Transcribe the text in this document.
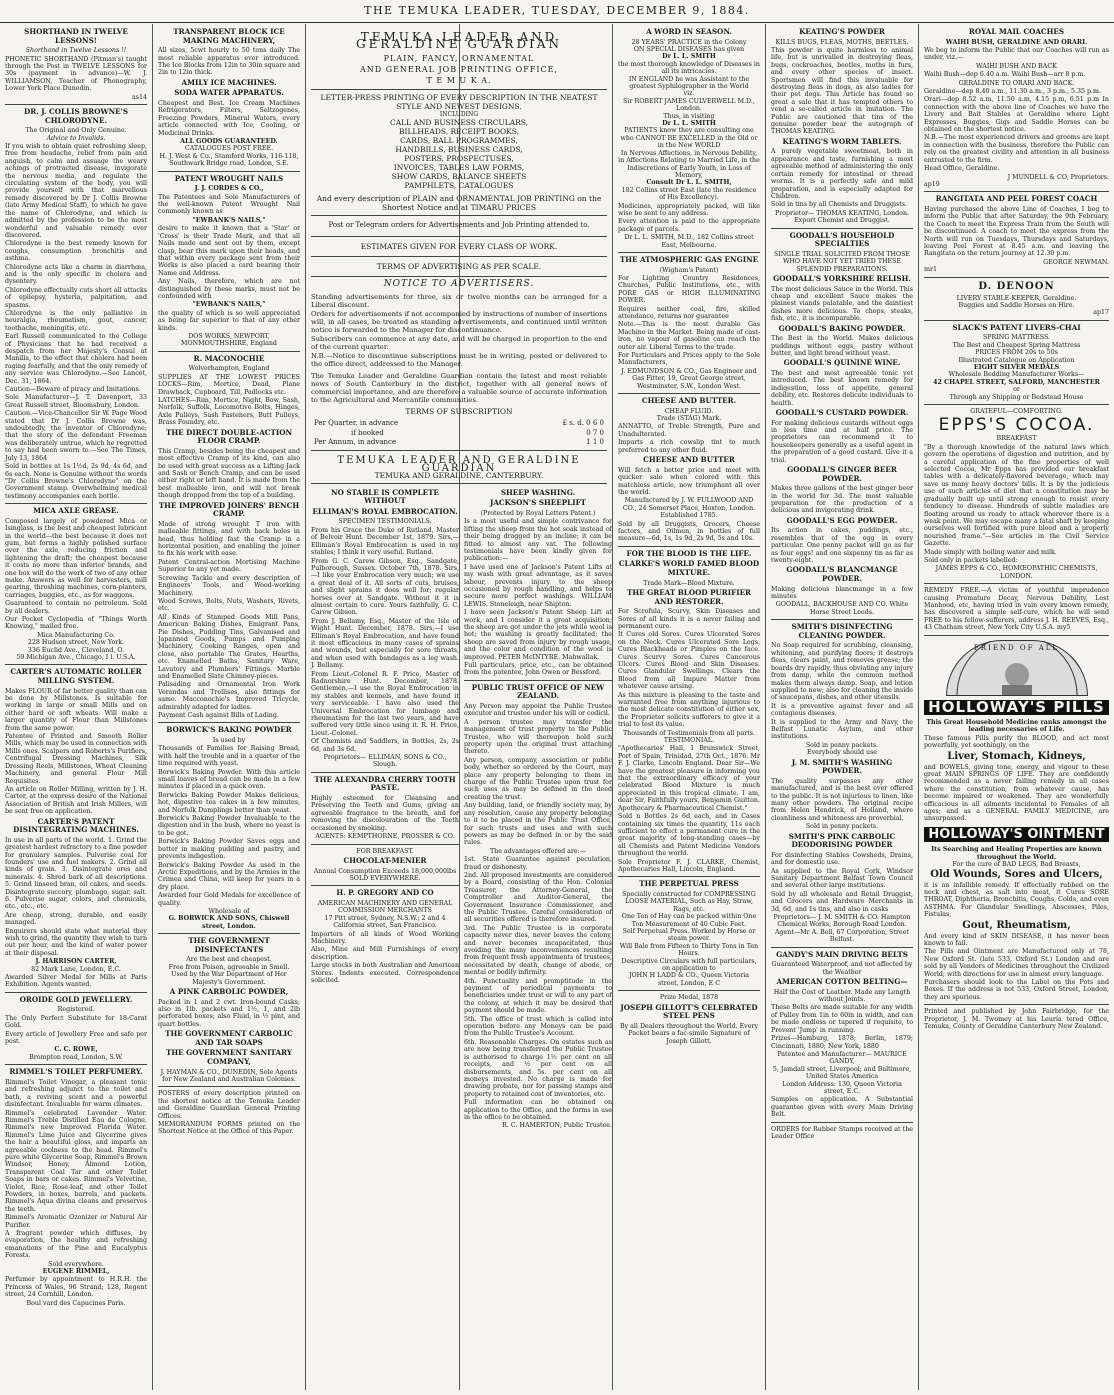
THE TEMUKA LEADER, TUESDAY, DECEMBER 9, 1884.
SHORTHAND IN TWELVE LESSONS!
Shorthand in Twelve Lessons !!
PHONETIC SHORTHAND (Pitman's) taught through the Post in TWELVE LESSONS for 30s (payment in advance)—W. J. WILLIAMSON, Teacher of Phonography, Lower York Place Dunedin.
as14
DR. J. COLLIS BROWNE'S CHLORODYNE.
The Original and Only Genuine.
Advice to Invalids.
If you wish to obtain quiet refreshing sleep, free from headache, relief from pain and anguish, to calm and assuage the weary achings of protracted disease, invigorate the nervous media, and regulate the circulating system of the body, you will provide yourself with that marvellous remedy discovered by Dr J. Collis Browne (late Army Medical Staff), to which he gave the name of Chlorodyne, and which is admitted by the profession to be the most wonderful and valuable remedy ever discovered.
Chlorodyne is the best remedy known for coughs, consumption bronchitis and asthma.
Chlorodyne acts like a charm in diarrhœa, and is the only specific in cholera and dysentery.
Chlorodyne effectually cuts short all attacks of epilepsy, hysteria, palpitation, and spasms.
Chlorodyne is the only palliative in neuralgia, rheumatism, gout, cancer, toothache, meningitis, etc.
Earl Russell communicated to the College of Physicians that he had received a despatch from her Majesty's Consul at Manilla, to the effect that cholera had been raging fearfully, and that the only remedy of any service was Chlorodyne.—See Lancet, Dec. 31, 1864.
Caution—Beware of piracy and Imitations.
Sole Manufacturer—J. T. Davenport, 33 Great Russell street, Bloomsbury, London.
Caution.—Vice-Chancellor Sir W. Page Wood stated that Dr J. Collis Browne was, undoubtedly, the inventor of Chlorodyne; that the story of the defendant Freeman was deliberately untrue, which he regretted to say had been sworn to.—See The Times, July 13, 1864
Sold in bottles at 1s 1½d, 2s 9d, 4s 6d, and 6s each. None is Genuine without the words "Dr Collis Browne's Chlorodyne" on the Government stamp. Overwhelming medical testimony accompanies each bottle.
MICA AXLE GREASE.
Composed largely of powdered Mica or Isinglass, is the best and cheapest lubricant in the world—the best because it does not gum, but forms a highly polished surface over the axle, reducing friction and lightening the draft; the cheapest because it costs no more than inferior brands, and one box will do the work of two of any other make. Answers as well for harvesters, mill gearing, threshing machines, corn-planters, carriages, buggies, etc., as for waggons.
Guaranteed to contain no petroleum. Sold by all dealers.
Our Pocket Cyclopedia of "Things Worth Knowing," mailed free.
Mica Manufacturing Co.
228 Hudson street, New York.
336 Euclid Ave., Cleveland, O.
59 Michigan Ave., Chicago, I l. U.S.A.
CARTER'S AUTOMATIC ROLLER MILLING SYSTEM.
Makes FLOUR of far better quality than can be done by Millstones. Is suitable for working in large or small Mills and on either hard or soft wheats. Will make a larger quantity of Flour than Millstones from the same power.
Patentee of Printed and Smooth Roller Mills, which may be used in connection with Mills ones. Scalpers and Roberts's Purifiers, Centrifugal Dressing Machines, Silk Dressing Reels, Millstones, Wheat Cleaning Machinery, and general Flour Mill Requisites.
An article on Roller Milling, written by J. H. Carter, at the express desire of the National Association of British and Irish Millers, will be sent free on application.
CARTER'S PATENT DISINTEGRATING MACHINES.
In use in all parts of the world. 1. Grind the greatest hardest refractory to a fine powder for granulary samples. Pulverise coal for founders' use and fuel makers. 2. Grind all kinds of grain. 3. Disintegrate ores and minerals. 4. Shred bark of all descriptions. 5. Grind linseed bran, oil cakes, and seeds. Disintegrate succory, plumbago, sugar, salt. 6. Pulverise sugar, colors, and chemicals, etc., etc., etc.
Are cheap, strong, durable, and easily managed.
Enquirers should state what material they wish to grind, the quantity they wish to turn out per hour, and the kind of water power at their disposal.
J. HARRISON CARTER,
82 Mark Lane, London, E.C.
Awarded Silver Medal for Mills at Paris Exhibition. Agents wanted.
OROIDE GOLD JEWELLERY.
Registered.
The Only Perfect Substitute for 18-Carat Gold.
Every article of Jewellery Free and safe per post.
C. C. ROWE,
Brompton road, London, S.W.
RIMMEL'S TOILET PERFUMERY.
Rimmel's Toilet Vinegar, a pleasant tonic and refreshing adjunct to the toilet and bath, a reviving scent and a powerful disinfectant. Invaluable for warm climates.
Rimmel's celebrated Lavender Water. Rimmel's Treble Distilled Eau de Cologne. Rimmel's new Improved Florida Water. Rimmel's Lime Juice and Glycerine gives the hair a beautiful gloss, and imparts an agreeable coolness to the head. Rimmel's pure white Glycerine Soap, Rimmel's Brown Windsor, Honey, Almond Lotion, Transparent Coal Tar and other Toilet Soaps in bars or cakes. Rimmel's Velvetine, Violet, Rice, Rose-leaf, and other Toilet Powders, in boxes, barrels, and packets. Rimmel's Aqua divina cleans and preserves the teeth.
Rimmel's Aromatic Ozonizer or Natural Air Purifier.
A fragrant powder which diffuses, by evaporation, the healthy and refreshing emanations of the Pine and Eucalyptus Forests.
Sold everywhere.
EUGENE RIMMEL,
Perfumer by appointment to H.R.H. the Princess of Wales, 96 Strand; 128, Regent street, 24 Cornhill, London.
Boul vard des Capucines Paris.
TRANSPARENT BLOCK ICE MAKING MACHINERY,
All sizes, 5cwt hourly to 50 tons daily The most reliable apparatus ever introduced. The Ice Blocks from 12in to 30in square and 2in to 12in thick.
AMILY ICE MACHINES.
SODA WATER APPARATUS.
Cheapest and Best. Ice Cream Machines Refrigerators, Filters, Seltzogenes, Freezing Powders, Mineral Waters, every article connected with Ice, Cooling, or Medicinal Drinks.
ALL GOODS GUARANTEED.
CATALOGUES POST FREE.
H. J. West & Co., Stamford Works, 116-118, Southwark Bridge road, London, S.E.
PATENT WROUGHT NAILS
J. J. CORDES & CO.,
The Patentees and Sole Manufacturers of the well-known Patent Wrought Nail commonly known as
"EWBANK'S NAILS,"
desire to make it known that a 'Star' or 'Cross' is their Trade Mark, and that all Nails made and sent out by them, except clasp, bear this mark upon their heads, and that within every package sent from their Works is also placed a card bearing their Name and Address.
Any Nails, therefore, which are not distinguished by these marks, must not be confounded with
"EWBANK'S NAILS,"
the quality of which is so well appreciated as being far superior to that of any other kinds.
DOS WORKS, NEWPORT, MONMOUTHSHIRE, England
R. MACONOCHIE
Wolverhampton, England
SUPPLIES AT THE LOWEST PRICES LOCKS—Rim, Mortice, Dead, Plane Drawback, Cupboard, Till, Padlocks etc.
LATCHES—Rim, Mortice, Night, Bow, Sash, Norfolk, Suffolk, Locomotive Bolts, Hinges, Axle Pulleys, Sash Fasteners, Butt Pulleys, Brass Foundry, etc.
THE DIRECT DOUBLE-ACTION FLOOR CRAMP.
This Cramp, besides being the cheapest and most effective Cramp of its kind, can also be used with great success as a Lifting Jack and Sash or Bench Cramp, and can be used either right or left hand. It is made from the best malleable iron, and will not break though dropped from the top of a building.
THE IMPROVED JOINERS' BENCH CRAMP.
Made of strong wrought T iron with malleable fittings, and with back holes in head, thus holding fast the Cramp in a horizontal position, and enabling the joiner to fix his work with ease.
Patent Central-action Mortising Machine Superior to any yet made.
Screwing Tackle and every description of Engineers' Tools, and Wood-working Machinery.
Wood Screws, Bolts, Nuts, Washers, Rivets, etc.
All Kinds of Stamped Goods Mill Pans, American Baking Dishes, Emigrant Pans, Pie Dishes, Pudding Tins, Galvanised and Japanned Goods, Pumps and Pumping Machinery, Cooking Ranges, open and close, also portable The Grates, Hearths, etc. Enamelled Baths, Sanitary Ware, Lavatory and Plumbers' Fittings. Marble and Enamelled Slate Chimney-pieces.
Palisading and Ornamental Iron Work Verandas and Trellises, also fittings for same. Macconochie's Improved Tricycle, admirably adapted for ladies.
Payment Cash against Bills of Lading.
BORWICK'S BAKING POWDER
Is used by
Thousands of Families for Raising Bread, with half the trouble and in a quarter of the time required with yeast.
Borwick's Baking Powder. With this article small loaves of bread can be made in a few minutes if placed in a quick oven.
Borwicks Baking Powder Makes delicious, hot, digestive tea cakes in a few minutes, and Norfolk Dumplings better than yeast.
Borwick's Baking Powder Invaluable to the digestion and in the bush, where no yeast is to be got.
Borwick's Baking Powder Saves eggs and butter in making pudding and pastry, and prevents indigestion.
Borwick's Baking Powder As used in the Arctic Expeditions, and by the Armies in the Crimea and China, will keep for years in a dry place.
Awarded four Gold Medals for excellence of quality.
Wholesale of
G. BORWICK AND SONS, Chiswell street, London.
THE GOVERNMENT DISINFECTANTS
Are the best and cheapest.
Free from Poison, agreeable in Smell.
Used by the War Department of Her Majesty's Government.
A PINK CARBOLIC POWDER,
Packed in 1 and 2 cwt. Iron-bound Casks; also in 1lb. packets and 1½, 1, and 2lb perforated boxes; also Fluid, in ½ pint, and quart bottles.
THE GOVERNMENT CARBOLIC AND TAR SOAPS
THE GOVERNMENT SANITARY COMPANY,
J. HAYMAN & CO., DUNEDIN, Sole Agents for New Zealand and Australian Colonies.
POSTERS of every description printed on the shortest notice at the Temuka Leader and Geraldine Guardian General Printing Offices.
MEMORANDUM FORMS printed on the Shortest Notice at the Office of this Paper.
TEMUKA LEADER AND GERALDINE GUARDIAN
PLAIN, FANCY, ORNAMENTAL
AND GENERAL JOB PRINTING OFFICE,
T E M U K A.
LETTER-PRESS PRINTING OF EVERY DESCRIPTION IN THE NEATEST STYLE AND NEWEST DESIGNS.
INCLUDING
CALL AND BUSINESS CIRCULARS,
BILLHEADS, RECEIPT BOOKS,
CARDS, BALL PROGRAMMES,
HANDBILLS, BUSINESS CARDS,
POSTERS, PROSPECTUSES,
INVOICES, TABLES LAW FORMS,
SHOW CARDS, BALANCE SHEETS
PAMPHLETS, CATALOGUES
And every description of PLAIN and ORNAMENTAL JOB PRINTING on the Shortest Notice and at TIMARU PRICES
Post or Telegram orders for Advertisements and Job Printing attended to.
ESTIMATES GIVEN FOR EVERY CLASS OF WORK.
TERMS OF ADVERTISING AS PER SCALE.
NOTICE TO ADVERTISERS.
Standing advertisements for three, six or twelve months can be arranged for a Liberal discount.
Orders for advertisements if not accompanied by instructions of number of insertions will, in all cases, be treated as standing advertisements, and continued until written notice is forwarded to the Manager for discontinuance.
Subscribers can commence at any date, and will be charged in proportion to the end of the current quarter.
N.B.—Notice to discontinue subscriptions must be in writing, posted or delivered to the office direct, addressed to the Manager.
The Temuka Leader and Geraldine Guardian contain the latest and most reliable news of South Canterbury in the district, together with all general news of commercial importance, and are therefore a valuable source of accurate information to the Agricultural and Mercantile communities.
TERMS OF SUBSCRIPTION
Per Quarter, in advance	£ s. d. 0 6 0
if booked	0 7 0
Per Annum, in advance	1 1 0
TEMUKA LEADER AND GERALDINE GUARDIAN
TEMUKA AND GERALDINE, CANTERBURY.
NO STABLE IS COMPLETE WITHOUT
ELLIMAN'S ROYAL EMBROCATION.
SPECIMEN TESTIMONIALS.
From his Grace the Duke of Rutland, Master of Belvoir Hunt. December 1st, 1879. Sirs,—Elliman's Royal Embrocation is used in my stables; I think it very useful. Rutland.
From G. C. Carew Gibson, Esq., Sandgate, Pulborough, Sussex. October 7th, 1878. Sirs,—I like your Embrocation very much; we use a great deal of it. All sorts of cuts, bruises, and slight sprains it does well for; regular horses over at Sandgate. Without it it is almost certain to cure. Yours faithfully, G. C. Carew Gibson.
From J. Bellamy, Esq., Master of the Isle of Wight Hunt. December, 1878. Sirs,—I use Elliman's Royal Embrocation, and have found it most efficacious in many cases of sprains and wounds, but especially for sore throats, and when used with bandages as a leg wash. J. Bellamy.
From Lieut.-Colonel R. F. Price, Master of Radnorshire Hunt. December, 1878. Gentlemen,—I use the Royal Embrocation in my stables and kennels, and have found it very serviceable. I have also used the Universal Embrocation for lumbago and rheumatism for the last two years, and have suffered very little since using it. R. H. Price, Lieut.-Colonel.
Of Chemists and Saddlers, in Bottles, 2s, 2s 6d, and 3s 6d.
Proprietors— ELLIMAN, SONS & CO., Slough.
THE ALEXANDRA CHERRY TOOTH PASTE.
Highly esteemed for Cleansing and Preserving the Teeth and Gums, giving an agreeable fragrance to the breath, and for removing the discolouration of the Teeth occasioned by smoking.
AGENTS: KEMPTHORNE, PROSSER & CO.
FOR BREAKFAST.
CHOCOLAT-MENIER
Annual Consumption Exceeds 18,000,000lbs
SOLD EVERYWHERE.
H. P. GREGORY AND CO
AMERICAN MACHINERY AND GENERAL COMMISSION MERCHANTS
17 Pitt street, Sydney, N.S.W.; 2 and 4 California street, San Francisco.
Importers of all kinds of Wood Working Machinery.
Also, Mine and Mill Furnishings of every description.
Large stocks in both Australian and American Stores. Indents executed. Correspondence solicited.
SHEEP WASHING.
JACKSON'S SHEEPLIFT
(Protected by Royal Letters Patent.)
Is a most useful and simple contrivance for lifting the sheep from the hot soak instead of their being dragged by an incline; it can be fitted to almost any vat. The following testimonials have been kindly given for publication:—
I have used one of Jackson's Patent Lifts at my wash with great advantage, as it saves labour, prevents injury to the sheep occasioned by rough handling, and helps to secure more perfect washings. WILLIAM LEWIS. Stoneleigh, near Shipton.
I have seen Jackson's Patent Sheep Lift at work, and I consider it a great acquisition; the sheep are got under the jets while wool is hot; the washing is greatly facilitated; the sheep are saved from injury by rough usage, and the color and condition of the wool is improved. PETER McINTYRE. Mahwallak.
Full particulars, price, etc., can be obtained from the patentee, John Owen or Bessford.
PUBLIC TRUST OFFICE OF NEW ZEALAND.
Any Person may appoint the Public Trustee executor and trustee under his will or codicil.
A person trustee may transfer the management of trust property to the Public Trustee, who will thereupon hold such property upon the original trust attaching thereto.
Any person, company, association or public body, whether so ordered by the Court, may place any property belonging to them in charge of the Public Trustee upon trust for such uses as may be defined in the deed creating the trust.
Any building, land, or friendly society may, by any resolution, cause any property belonging to it to be placed in the Public Trust Office, for such trusts and uses and with such powers as may be defined in or by the said rules.
The advantages offered are:—
1st. State Guarantee against peculation, fraud or dishonesty.
2nd. All proposed investments are considered by a Board, consisting of the Hon. Colonial Treasurer, the Attorney-General, the Comptroller and Auditor-General, the Government Insurance Commissioner, and the Public Trustee. Careful consideration of all securities offered is therefore insured.
3rd. The Public Trustee is in corporate capacity never dies, never leaves the colony, and never becomes incapacitated, thus avoiding the many inconveniences resulting from frequent fresh appointments of trustees, necessitated by death, change of abode, or mental or bodily infirmity.
4th. Punctuality and promptitude in the payment of periodical payments to beneficiaries under trust or will to any part of the colony, at which it may be desired that payment should be made.
5th. The office of trust which is called into operation before any Moneys can be paid from the Public Trustee's Account.
6th. Reasonable Charges. On estates such as are now being transferred the Public Trustee is authorised to charge 1½ per cent on all receipts, and ½ per cent on all disbursements, and 5s. per cent on all moneys invested. No charge is made for drawing probate, nor for passing stamps and property to retained cost of inventories, etc.
Full information can be obtained on application to the Office, and the forms in use in the office to be obtained.
R. C. HAMERTON, Public Trustee.
A WORD IN SEASON.
28 YEARS' PRACTICE in the Colony
ON SPECIAL DISEASES has given
Dr L. L. SMITH
the most thorough knowledge of Diseases in all its intricacies.
IN ENGLAND he was Assistant to the greatest Syphilographer in the World
viz.
Sir ROBERT JAMES CULVERWELL M.D., London.
Thus, in visiting
Dr L. L. SMITH
PATIENTS know they are consulting one who CANNOT BE EXCELLED in the Old or in the New WORLD
In Nervous Affections, in Nervous Debility, in Affections Relating to Married Life, in the Indiscretions of Early Youth, in Loss of Memory,
Consult Dr L. L. SMITH,
182 Collins street East (late the residence of His Excellency).
Medicines, appropriately packed, will like wise be sent to any address.
Every attention is paid to the appropriate package of parcels.
Dr L. L. SMITH, M.D., 182 Collins street East, Melbourne.
THE ATMOSPHERIC GAS ENGINE
(Wigham's Patent)
For Lighting Country Residences, Churches, Public Institutions, etc., with PORE GAS or HIGH ILLUMINATING POWER.
Requires neither coal, fire, skilled attendance, returns nor guarantee
Note.—This is the most durable Gas Machine in the Market. Being made of cast-iron, no vapour of gasoline can reach the outer air. Liberal Terms to the trade.
For Particulars and Prices apply to the Sole Manufacturers,
J. EDMUNDSON & CO., Gas Engineer and Gas Fitter, 19, Great George street, Westminster, S.W., London West.
CHEESE AND BUTTER.
CHEAP FLUID.
Trade (STAG) Mark.
ANNATTO, of Treble Strength, Pure and Unadulterated.
Imparts a rich cowslip tint to much preferred to any other fluid.
CHEESE AND BUTTER
Will fetch a better price and meet with quicker sale when colored with this matchless article, now triumphant all over the world.
Manufactured by J. W. FULLWOOD AND CO., 24 Somerset Place, Hoxton, London. Established 1785.
Sold by all Druggists, Grocers, Cheese factors, and Oilmen, in bottles of full measure—6d, 1s, 1s 9d, 2s 9d, 5s and 10s.
FOR THE BLOOD IS THE LIFE.
CLARKE'S WORLD FAMED BLOOD MIXTURE.
Trade Mark—Blood Mixture.
THE GREAT BLOOD PURIFIER AND RESTORER.
For Scrofula, Scurvy, Skin Diseases and Sores of all kinds it is a never failing and permanent cure.
It Cures old Sores. Cures Ulcerated Sores on the Neck. Cures Ulcerated Sore Legs. Cures Blackheads or Pimples on the face. Cures Scurvy Sores. Cures Cancerous Ulcers. Cures Blood and Skin Diseases. Cures Glandular Swellings. Clears the Blood from all Impure Matter from whatever cause arising.
As this mixture is pleasing to the taste and warranted free from anything injurious to the most delicate constitution of either sex, the Proprietor solicits sufferers to give it a trial to test its value.
Thousands of Testimonials from all parts.
TESTIMONIAL.
"Apothecaries' Hall, 1 Brunswick Street, Port of Spain, Trinidad, 27th Oct., 1876. Mr F. J. Clarke, Lincoln England. Dear Sir—We have the greatest pleasure in informing you that the extraordinary efficacy of your celebrated Blood Mixture is much appreciated in this tropical climate. I am, dear Sir, Faithfully yours, Benjamin Guitton. Apothecary & Pharmaceutical Chemist."
Sold n Bottles 2s 6d each, and in Cases containing six times the quantity, 11s each sufficient to effect a permanent cure in the great majority of long-standing cases—by all Chemists and Patent Medicine Vendors throughout the world.
Sole Proprietor F. J. CLARKE, Chemist, Apothecaries Hall, Lincoln, England.
THE PERPETUAL PRESS
Specially constructed for COMPRESSING LOOSE MATERIAL, Such as Hay, Straw, Rags, etc.
One Ton of Hay can be packed within One Ton Measurement of 40 Cubic Feet.
Self Perpetual Press. Worked by Horse or steam power.
Will Bale from Fifteen to Thirty Tons in Ten Hours.
Descriptive Circulars with full particulars, on application to
JOHN H LADD & CO., Queen Victoria street, London, E C
Prize Medal, 1878
JOSEPH GILLOTT'S CELEBRATED STEEL PENS
By all Dealers throughout the World. Every Packet bears a fac-simile Signature of Joseph Gillott.
KEATING'S POWDER
KILLS BUGS, FLEAS, MOTHS, BEETLES.
This powder is quite harmless to animal life, but is unrivalled in destroying fleas, bugs, cockroaches, beetles, moths in furs, and every other species of insect. Sportsmen will find this invaluable for destroying fleas in dogs, as also ladies for their pet dogs. This Article has found so great a sale that it has tempted others to vend a so-called article in imitation. The Public are cautioned that tins of the genuine powder bear the autograph of THOMAS KEATING.
KEATING'S WORM TABLETS.
A purely vegetable sweetmeat, both in appearance and taste, furnishing a most agreeable method of administering the only certain remedy for intestinal or thread worms. It is a perfectly safe and mild preparation, and is especially adapted for Children.
Sold in tins by all Chemists and Druggists.
Proprietor— THOMAS KEATING, London.
Export Chemist and Druggist.
GOODALL'S HOUSEHOLD SPECIALTIES
SINGLE TRIAL SOLICITED FROM THOSE WHO HAVE NOT YET TRIED THESE SPLENDID PREPARATIONS.
GOODALL'S YORKSHIRE RELISH.
The most delicious Sauce in the World. This cheap and excellent Sauce makes the plainest viands palatable, and the daintiest dishes more delicious. To chops, steaks, fish, etc., it is incomparable.
GOODALL'S BAKING POWDER.
The Best in the World. Makes delicious puddings without eggs, pastry without butter, and light bread without yeast.
GOODALL'S QUININE WINE.
The best and most agreeable tonic yet introduced. The best known remedy for indigestion, loss of appetite, general debility, etc. Restores delicate individuals to health.
GOODALL'S CUSTARD POWDER.
For making delicious custards without eggs in less time and at half price. The proprietors can recommend it to housekeepers generally as a useful agent in the preparation of a good custard. Give it a trial.
GOODALL'S GINGER BEER POWDER.
Makes three gallons of the best ginger beer in the world for 3d. The most valuable preparation for the production of a delicious and invigorating drink.
GOODALL'S EGG POWDER.
Its action in cakes, puddings, etc., resembles that of the egg in every particular. One penny packet will go as far as four eggs! and one sixpenny tin as far as twenty-eight.
GOODALL'S BLANCMANGE POWDER.
Making delicious blancmange in a few minutes
GOODALL, BACKHOUSE AND CO. White Horse Street Leeds.
SMITH'S DISINFECTING CLEANING POWDER.
No Soap required for scrubbing, cleansing, whitening, and purifying floors; it destroys fleas, clears paint, and removes grease; the boards dry rapidly, thus obviating any injury from damp, while the common method makes them always damp. Soap, and lotion supplied to new; also for cleaning the inside of saucepans, dishes, and other utensils.
It is a preventive against fever and all contagious diseases.
It is supplied to the Army and Navy, the Belfast Lunatic Asylum, and other institutions.
Sold in penny packets.
Everybody should use
J. M. SMITH'S WASHING POWDER.
The quality surpasses any other manufactured, and is the best ever offered to the public. It is not injurious to linen, like many other powders. The original recipe from Helen Hendrick, of Holland, where cleanliness and whiteness are proverbial.
Sold in penny packets.
SMITH'S PINK CARBOLIC DEODORISING POWDER
For disinfecting Stables Cowsheds, Drains, and for domestic use.
As supplied to the Royal Cork, Windsor Sanitary Department Belfast Town Council and several other large institutions.
Sold by all wholesale and Retail Druggist, and Grocers and Hardware Merchants in 3d, 6d, and 1s tins, and also in casks
Proprietors— J. M. SMITH & CO. Hampton Chemical Works, Borough Road London.
Agent—Mr A. Bell, 67 Corporation, Street Belfast.
GANDY'S MAIN DRIVING BELTS
Guaranteed Waterproof, and not affected by the Weather
AMERICAN COTTON BELTING—
Half the Cost of Leather. Made any Length without Joints.
These Belts are made suitable for any width of Pulley from 1in to 60in in width, and can be made endless or tapered if requisite, to Prevent 'Jump' in running.
Prizes—Hamburg, 1878; Berlin, 1879; Cincinnati, 1880; New York, 1880
Patentee and Manufacturer— MAURICE GANDY,
5, Jamdall street, Liverpool; and Baltimore, United States America
London Address: 130, Queen Victoria street, E.C.
Samples on application. A Substantial guarantee given with every Main Driving Belt.
ORDERS for Rubber Stamps received at the Leader Office
ROYAL MAIL COACHES
WAIHI BUSH, GERALDINE AND ORARI.
We beg to inform the Public that our Coaches will run as under, viz.—
WAIHI BUSH AND BACK
Waihi Bush—dep 6.40 a.m. Waihi Bush—arr 8 p.m.
GERALDINE TO ORARI AND BACK.
Geraldine—dep 8.40 a.m., 11.30 a.m., 3 p.m., 5.35 p.m.
Orari—dep 8.52 a.m, 11.50 a.m, 4.15 p.m, 6.51 p.m In connection with the above line of Coaches we have the Livery and Bait Stables at Geraldine where Light Expresses, Buggies, Gigs and Saddle Horses can be obtained on the shortest notice.
N.B.—The most experienced drivers and grooms are kept in connection with the business, therefore the Public can rely on the greatest civility and attention in all business entrusted to the firm.
Head Office, Geraldine.
J MUNDELL & CO, Proprietors.
ap19
RANGITATA AND PEEL FOREST COACH
Having purchased the above Line of Coaches, I beg to inform the Public that after Saturday, the 9th February, the Coach to meet the Express Train from the South will be discontinued. A coach to meet the express from the North will run on Tuesdays, Thursdays and Saturdays, leaving Peel Forest at 8.45 a.m. and leaving the Rangitata on the return journey at 12.30 p.m.
GEORGE NEWMAN.
mr1
D. DENOON
LIVERY STABLE-KEEPER, Geraldine.
Buggies and Saddle Horses on Hire.
ap17
SLACK'S PATENT LIVERS-CHAI
SPRING MATTRESS.
The Best and Cheapest Spring Mattress
PRICES FROM 20s to 50s
Illustrated Catalogue on Application
EIGHT SILVER MEDALS
Wholesale Bedding Manufacturer Works—
42 CHAPEL STREET, SALFORD, MANCHESTER
or
Through any Shipping or Bedstead House
GRATEFUL—COMFORTING.
EPPS'S COCOA.
BREAKFAST
"By a thorough knowledge of the natural laws which govern the operations of digestion and nutrition, and by a careful application of the fine properties of well selected Cocoa, Mr Epps has provided our breakfast tables with a delicately-flavored beverage, which may save us many heavy doctors' bills. It is by the judicious use of such articles of diet that a constitution may be gradually built up until strong enough to resist every tendency to disease. Hundreds of subtle maladies are floating around us ready to attack wherever there is a weak point. We may escape many a fatal shaft by keeping ourselves well fortified with pure blood and a properly nourished frame."—See articles in the Civil Service Gazette.
Made simply with boiling water and milk.
Sold only in packets labelled:
JAMES EPPS & CO., HOMŒOPATHIC CHEMISTS, LONDON.
REMEDY FREE.—A victim of youthful imprudence causing Premature Decay, Nervous Debility, Lost Manhood, etc, having tried in vain every known remedy, has discovered a simple self-cure, which he will send FREE to his fellow-sufferers, address J. H. REEVES, Esq., 43 Chatham street, New York City U.S.A. my5
FRIEND OF ALL
HOLLOWAY'S PILLS
This Great Household Medicine ranks amongst the leading necessaries of Life.
These famous Pills purify the BLOOD, and act most powerfully, yet soothingly, on the
Liver, Stomach, Kidneys,
and BOWELS, giving tone, energy, and vigour to these great MAIN SPRINGS OF LIFE. They are confidently recommended as a never failing remedy in all cases where the constitution, from whatever cause, has become impaired or weakened. They are wonderfully efficacious in all ailments incidental to Females of all ages; and as a GENERAL FAMILY MEDICINE, are unsurpassed.
HOLLOWAY'S OINTMENT
Its Searching and Healing Properties are known throughout the World.
For the cure of BAD LEGS, Bad Breasts,
Old Wounds, Sores and Ulcers,
it is an infallible remedy. If effectually rubbed on the neck and chest, as salt into meat, it Cures SORE THROAT, Diphtheria, Bronchitis, Coughs, Colds, and even ASTHMA. For Glandular Swellings, Abscesses, Piles, Fistulas,
Gout, Rheumatism,
And every kind of SKIN DISEASE, it has never been known to fail.
The Pills and Ointment are Manufactured only at 78, New Oxford St. (late 533, Oxford St.) London and are sold by all Vendors of Medicines throughout the Civilized World; with directions for use in almost every language.
Purchasers should look to the Label on the Pots and Boxes. If the address is not 533, Oxford Street, London, they are spurious.
Printed and published by John Fairbridge, for the Proprietor, J. M. Twomey at his Leuria tered Office, Temuka, County of Geraldine Canterbury New Zealand.
